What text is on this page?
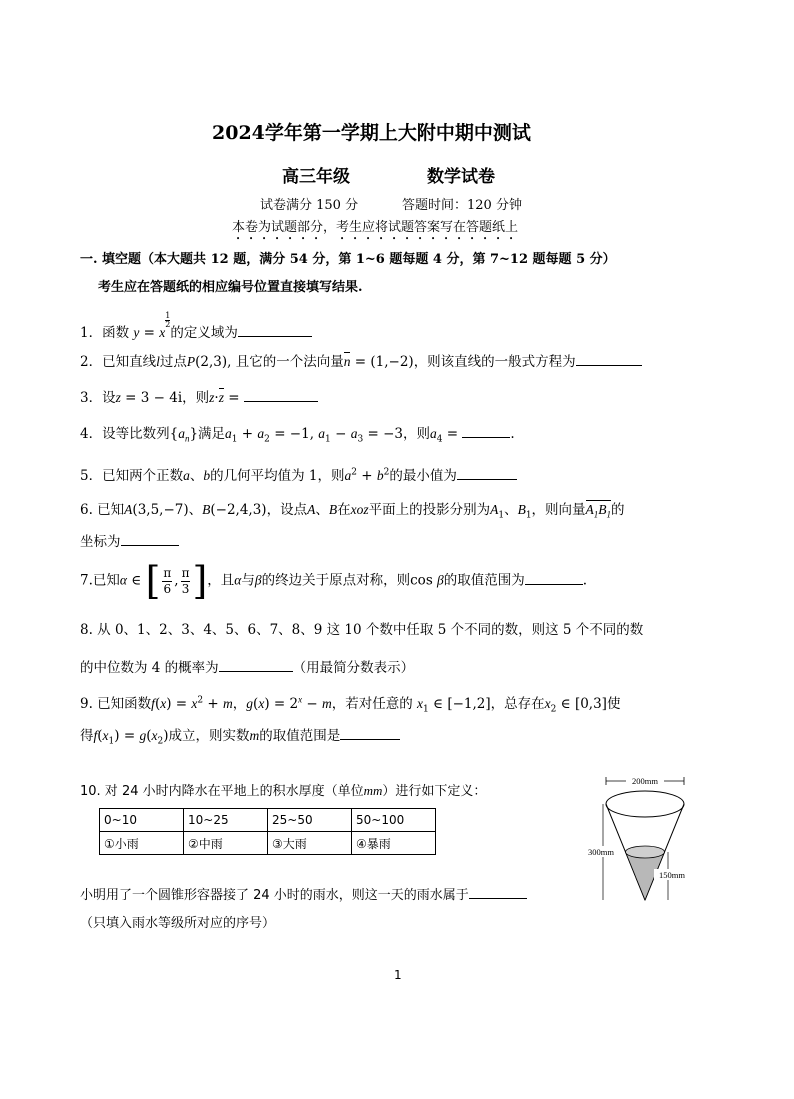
2024学年第一学期上大附中期中测试
高三年级	数学试卷
试卷满分 150 分	答题时间：120 分钟
本卷为试题部分，考生应将试题答案写在答题纸上
一. 填空题（本大题共 12 题，满分 54 分，第 1~6 题每题 4 分，第 7~12 题每题 5 分）
考生应在答题纸的相应编号位置直接填写结果.
1．函数 y = x
$\frac{1}{2}$
的定义域为
2．已知直线l过点P(2,3), 且它的一个法向量n = (1,−2)，则该直线的一般式方程为
3．设z = 3 − 4i，则z·z =
4．设等比数列$\{a_n\}$满足$a_1 + a_2 = -1$, $a_1 - a_3 = -3$，则$a_4$ =	.
5．已知两个正数a、b的几何平均值为 1，则$a^2 + b^2$的最小值为
6. 已知A(3,5,−7)、B(−2,4,3)，设点A、B在xoz平面上的投影分别为$A_1$、$B_1$，则向量$A_1B_1$的
坐标为
7.已知α ∈ [ $\frac{\pi}{6}$ , $\frac{\pi}{3}$ ]，且α与β的终边关于原点对称，则cos β的取值范围为	.
8. 从 0、1、2、3、4、5、6、7、8、9 这 10 个数中任取 5 个不同的数，则这 5 个不同的数
的中位数为 4 的概率为	（用最简分数表示）
9. 已知函数$f(x) = x^2 + m$，$g(x) = 2^x - m$，若对任意的 $x_1$ ∈ [−1,2]，总存在$x_2$ ∈ [0,3]使
得$f(x_1) = g(x_2)$成立，则实数m的取值范围是
10. 对 24 小时内降水在平地上的积水厚度（单位mm）进行如下定义：
0~10	10~25	25~50	50~100
①小雨	②中雨	③大雨	④暴雨
小明用了一个圆锥形容器接了 24 小时的雨水，则这一天的雨水属于
（只填入雨水等级所对应的序号）
200mm
300mm
150mm
1
